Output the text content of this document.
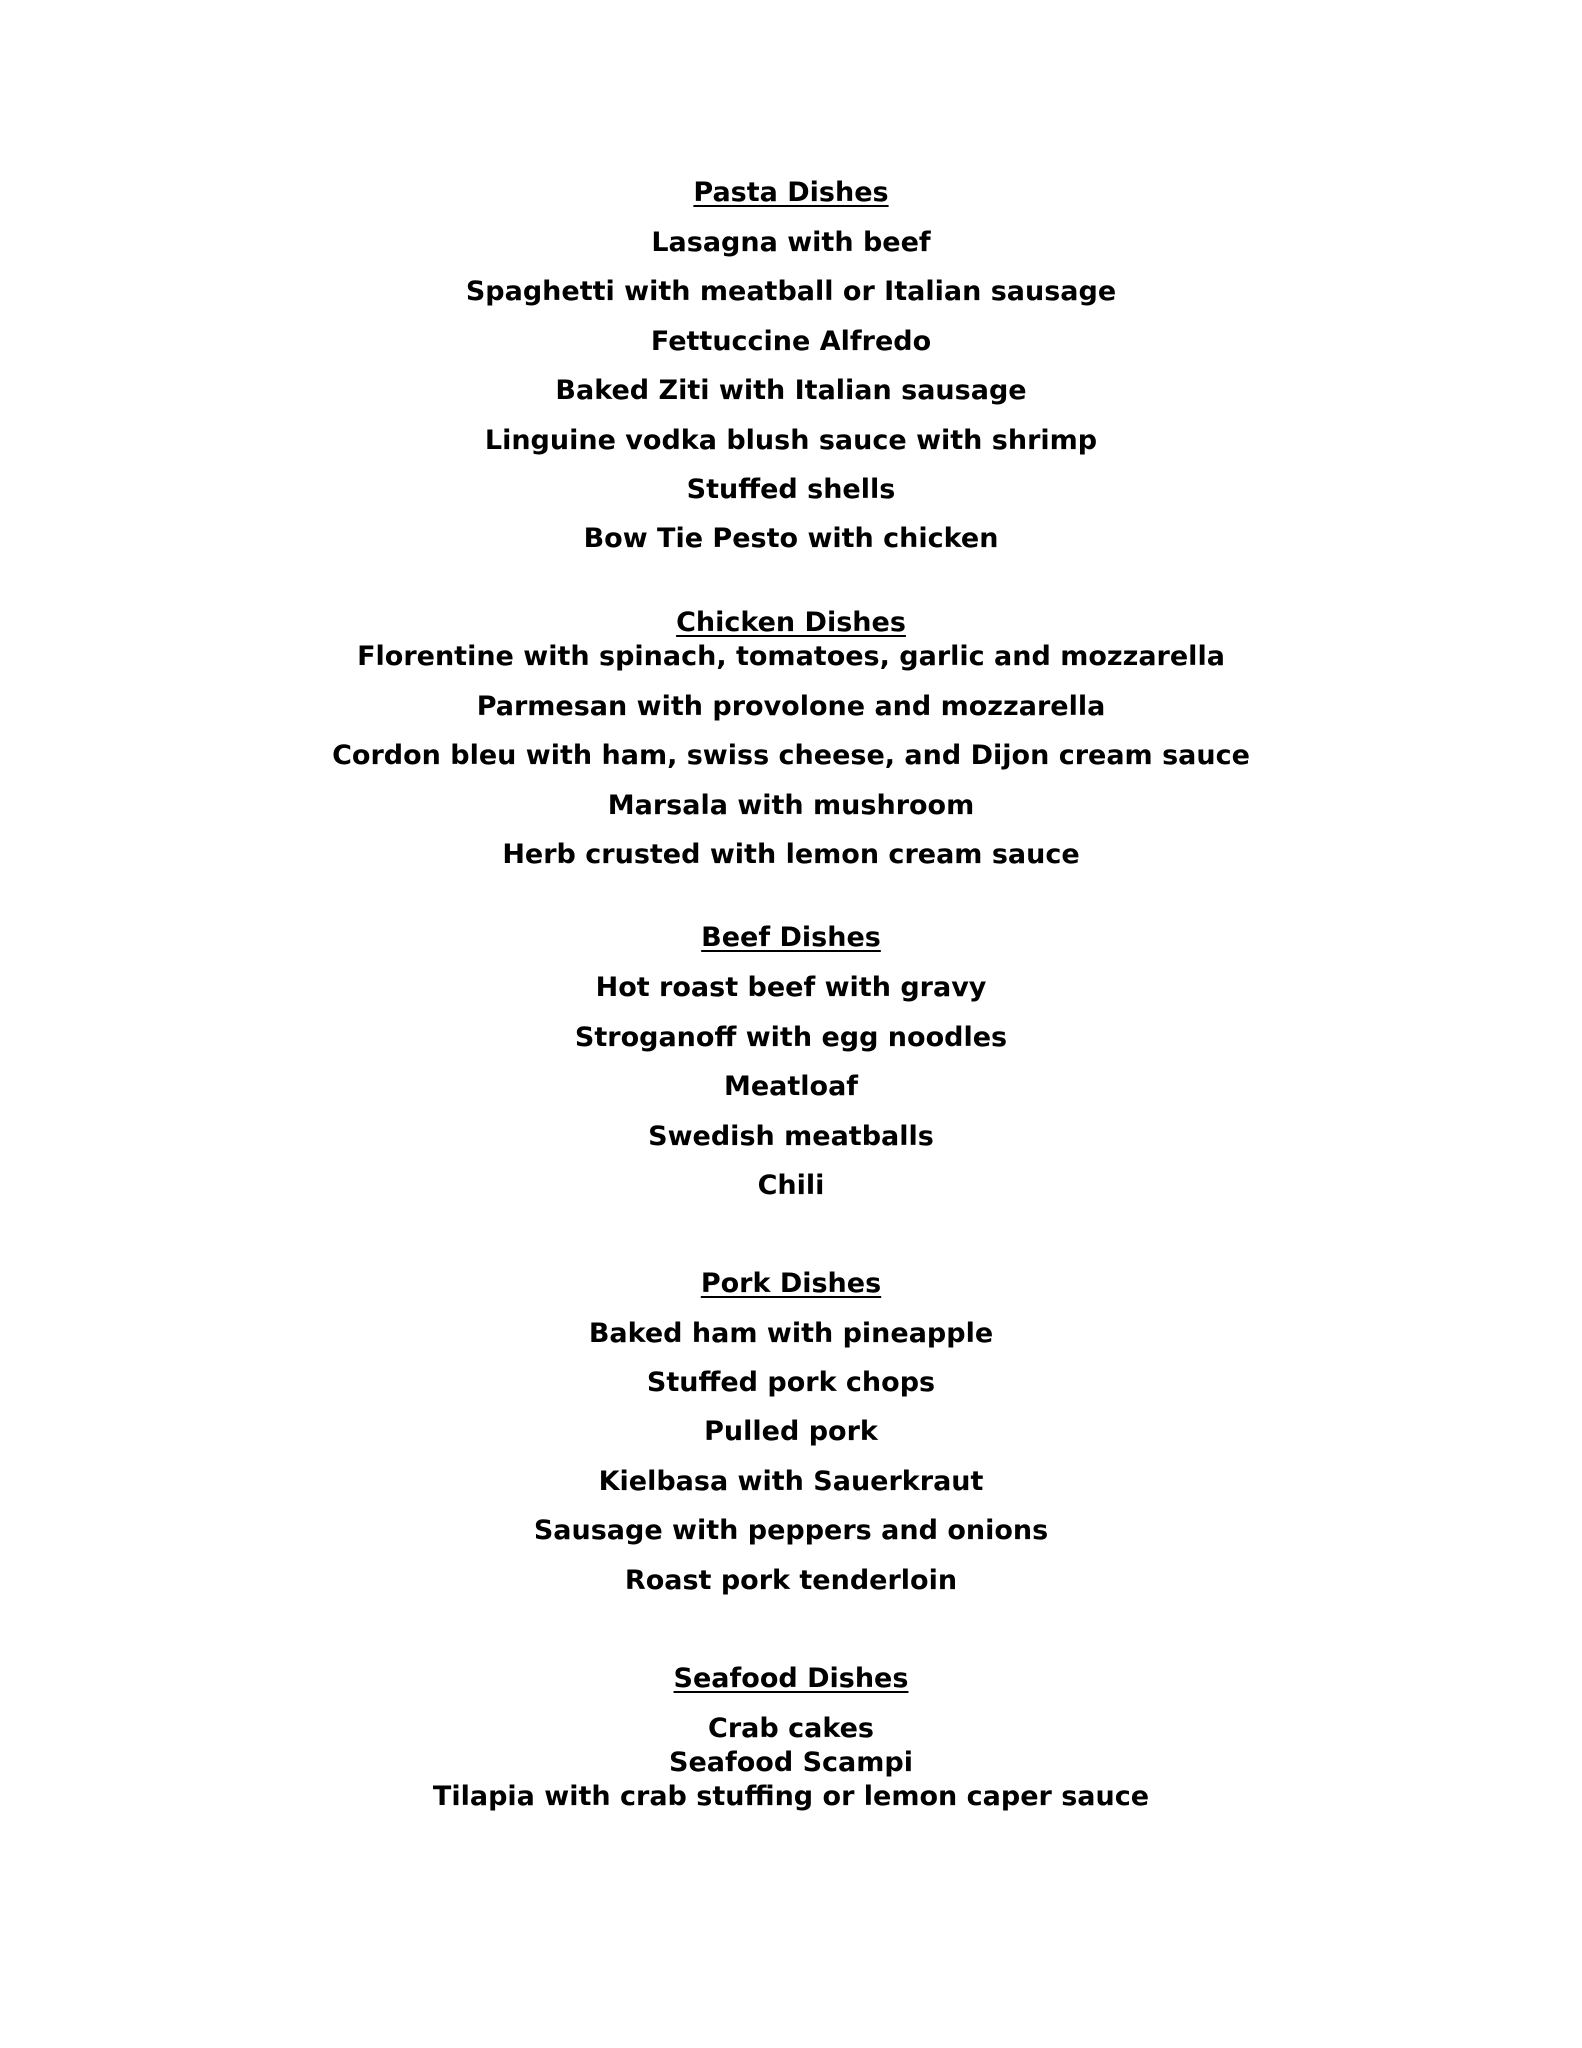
Pasta Dishes
Lasagna with beef
Spaghetti with meatball or Italian sausage
Fettuccine Alfredo
Baked Ziti with Italian sausage
Linguine vodka blush sauce with shrimp
Stuffed shells
Bow Tie Pesto with chicken
Chicken Dishes
Florentine with spinach, tomatoes, garlic and mozzarella
Parmesan with provolone and mozzarella
Cordon bleu with ham, swiss cheese, and Dijon cream sauce
Marsala with mushroom
Herb crusted with lemon cream sauce
Beef Dishes
Hot roast beef with gravy
Stroganoff with egg noodles
Meatloaf
Swedish meatballs
Chili
Pork Dishes
Baked ham with pineapple
Stuffed pork chops
Pulled pork
Kielbasa with Sauerkraut
Sausage with peppers and onions
Roast pork tenderloin
Seafood Dishes
Crab cakes
Seafood Scampi
Tilapia with crab stuffing or lemon caper sauce
